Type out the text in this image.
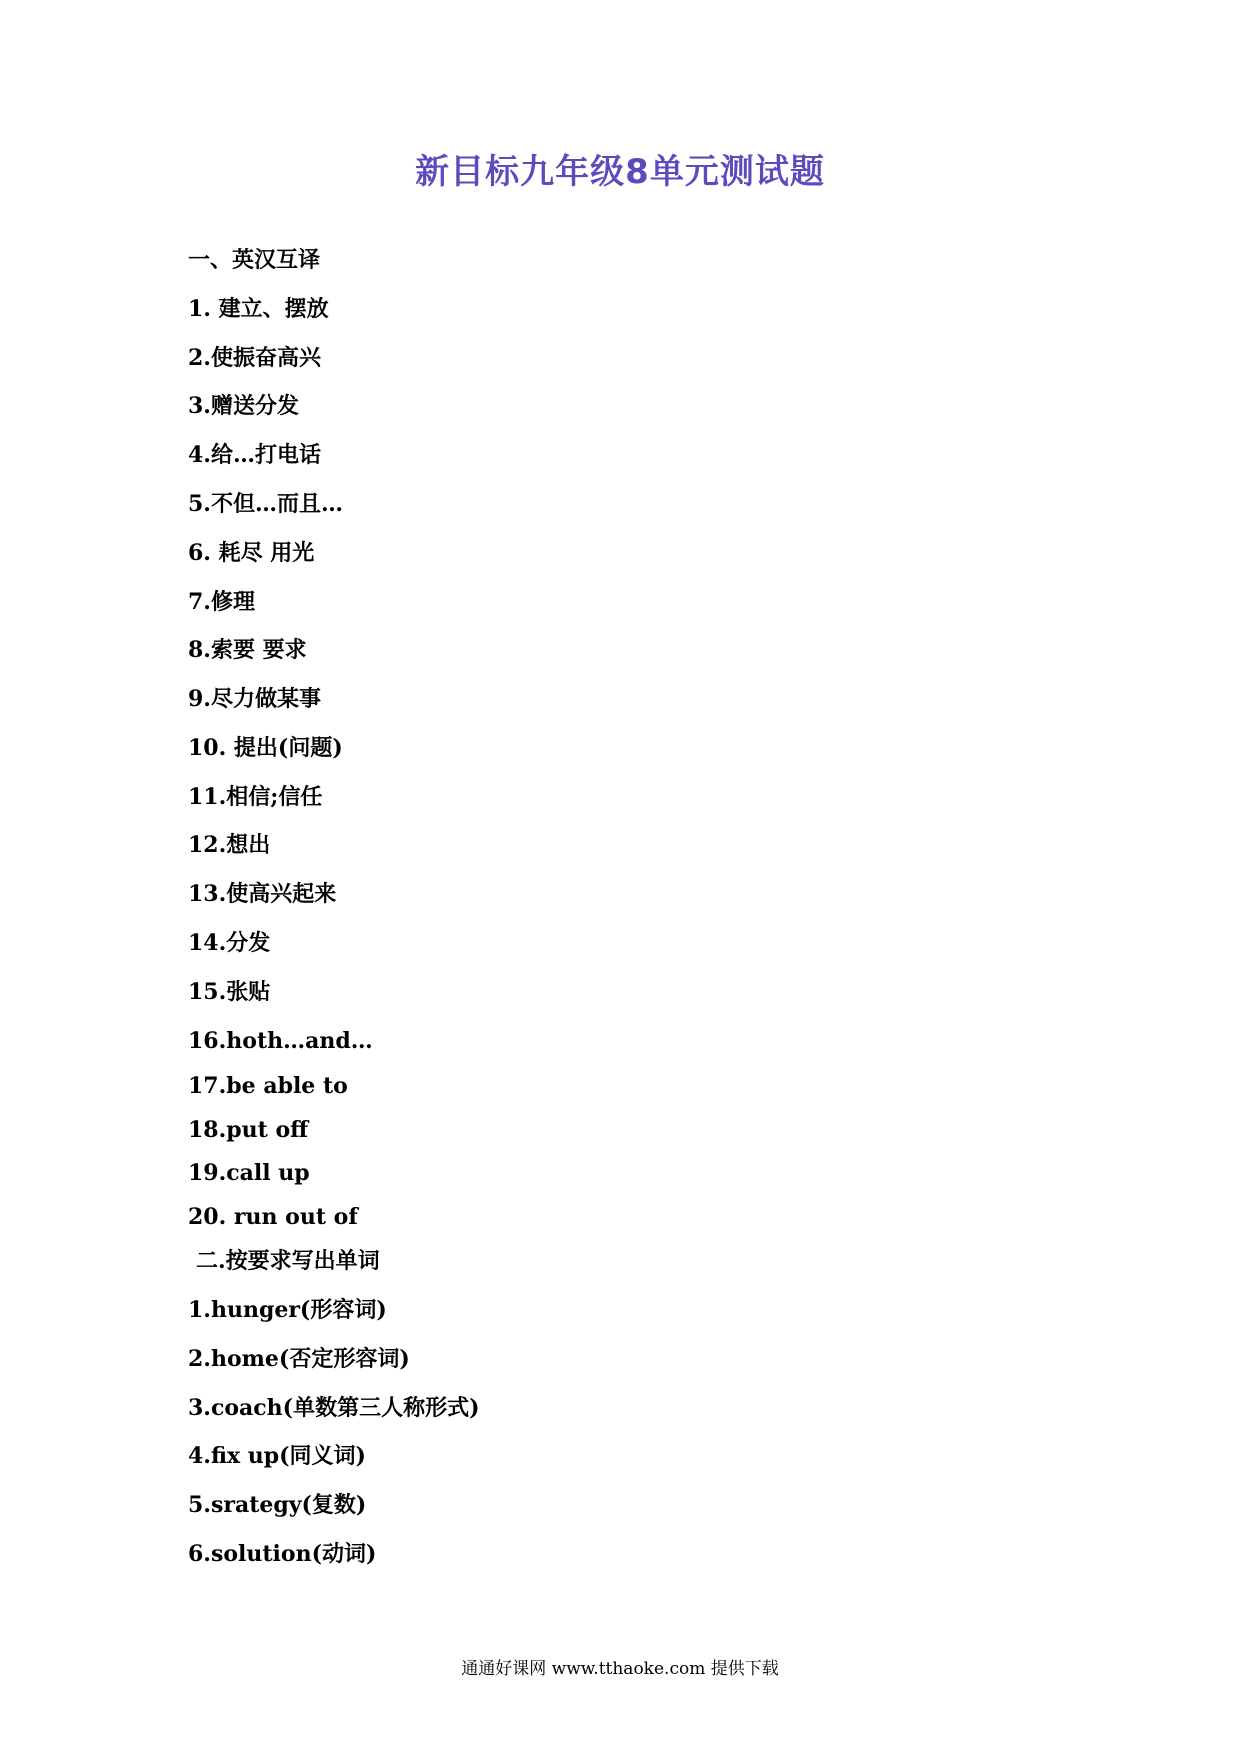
新目标九年级8单元测试题
一、英汉互译
1. 建立、摆放
2.使振奋高兴
3.赠送分发
4.给…打电话
5.不但…而且…
6. 耗尽 用光
7.修理
8.索要 要求
9.尽力做某事
10. 提出(问题)
11.相信;信任
12.想出
13.使高兴起来
14.分发
15.张贴
16.hoth…and…
17.be able to
18.put off
19.call up
20. run out of
二.按要求写出单词
1.hunger(形容词)
2.home(否定形容词)
3.coach(单数第三人称形式)
4.fix up(同义词)
5.srategy(复数)
6.solution(动词)
通通好课网 www.tthaoke.com 提供下载
